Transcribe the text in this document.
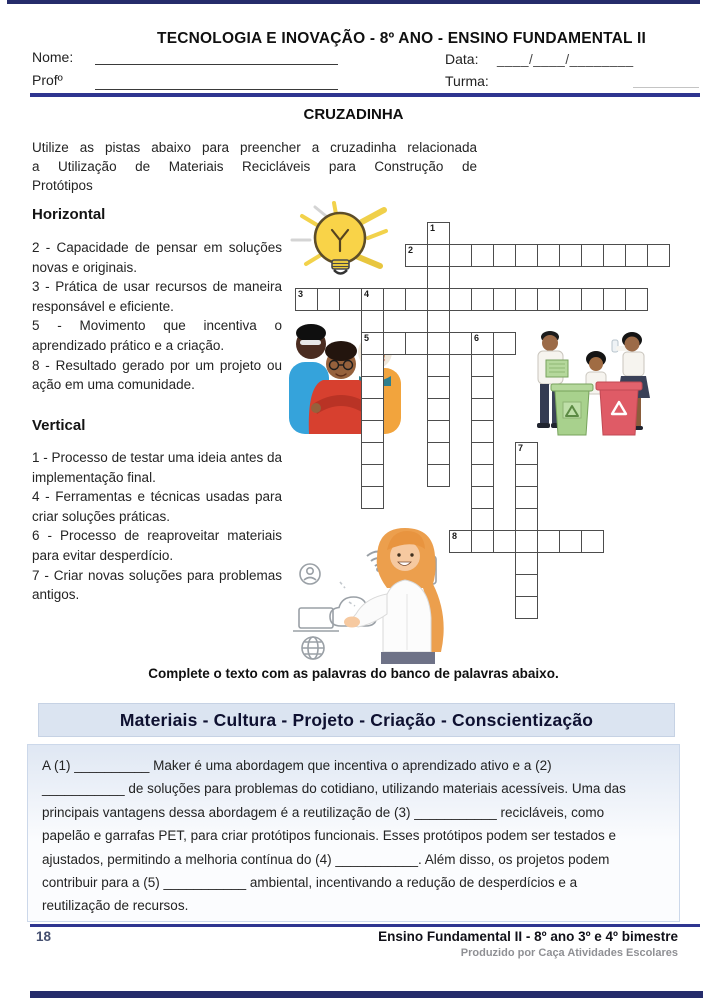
TECNOLOGIA E INOVAÇÃO - 8º ANO - ENSINO FUNDAMENTAL II
Nome:	Data: ____/____/________
Profº	Turma:
CRUZADINHA
Utilize as pistas abaixo para preencher a cruzadinha relacionada
a Utilização de Materiais Recicláveis para Construção de
Protótipos
Horizontal
2 - Capacidade de pensar em soluções novas e originais.
3 - Prática de usar recursos de maneira responsável e eficiente.
5 - Movimento que incentiva o aprendizado prático e a criação.
8 - Resultado gerado por um projeto ou ação em uma comunidade.
Vertical
1 - Processo de testar uma ideia antes da implementação final.
4 - Ferramentas e técnicas usadas para criar soluções práticas.
6 - Processo de reaproveitar materiais para evitar desperdício.
7 - Criar novas soluções para problemas antigos.
1
2
3	4
5	6
7
8
Complete o texto com as palavras do banco de palavras abaixo.
Materiais - Cultura - Projeto - Criação - Conscientização
A (1) __________ Maker é uma abordagem que incentiva o aprendizado ativo e a (2)
___________ de soluções para problemas do cotidiano, utilizando materiais acessíveis. Uma das
principais vantagens dessa abordagem é a reutilização de (3) ___________ recicláveis, como
papelão e garrafas PET, para criar protótipos funcionais. Esses protótipos podem ser testados e
ajustados, permitindo a melhoria contínua do (4) ___________. Além disso, os projetos podem
contribuir para a (5) ___________ ambiental, incentivando a redução de desperdícios e a
reutilização de recursos.
18	Ensino Fundamental II - 8º ano 3º e 4º bimestre
Produzido por Caça Atividades Escolares
